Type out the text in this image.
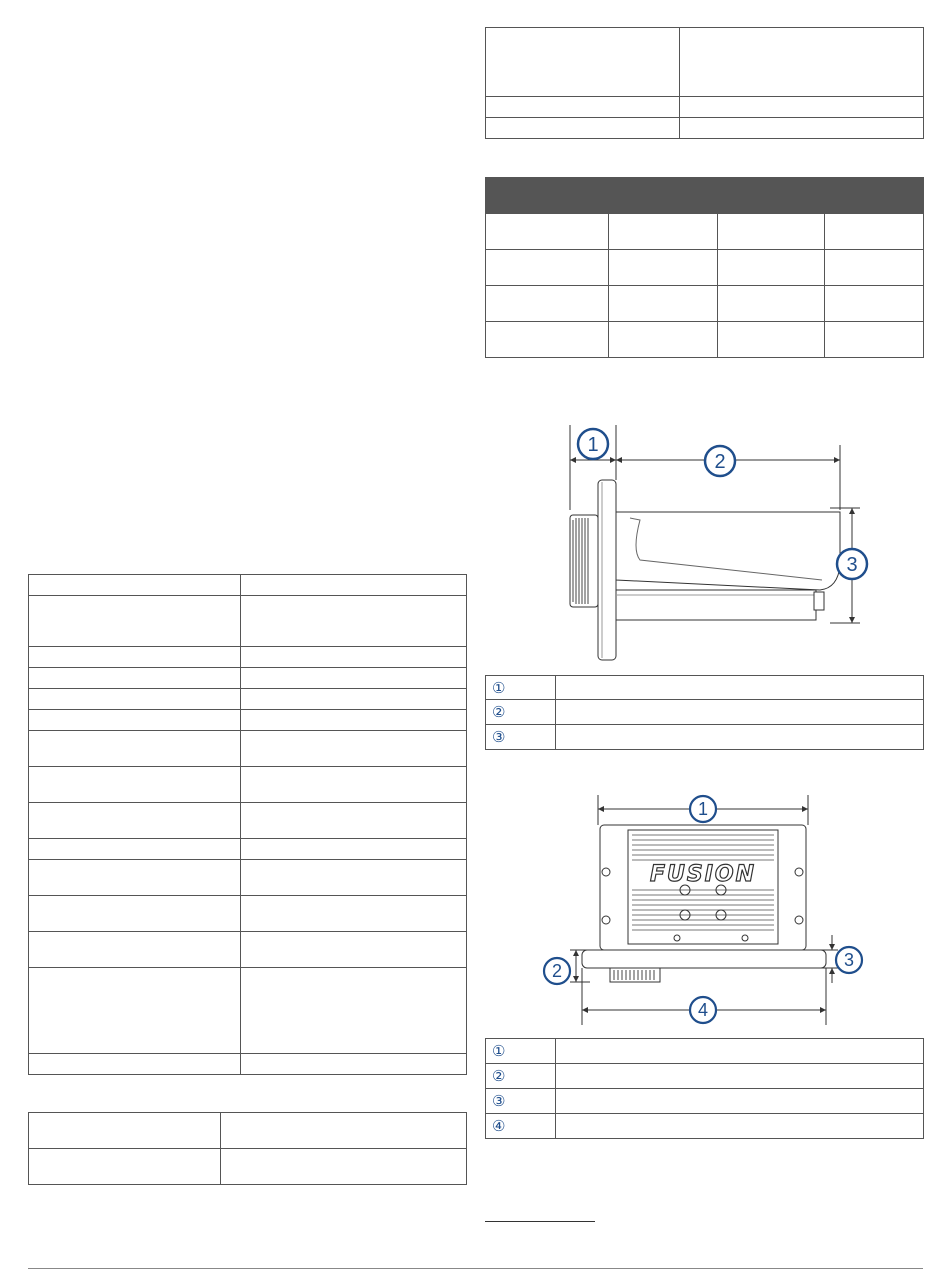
1
2
3
①	
②	
③	
FUSION
1
2
3
4
①	
②	
③	
④	
